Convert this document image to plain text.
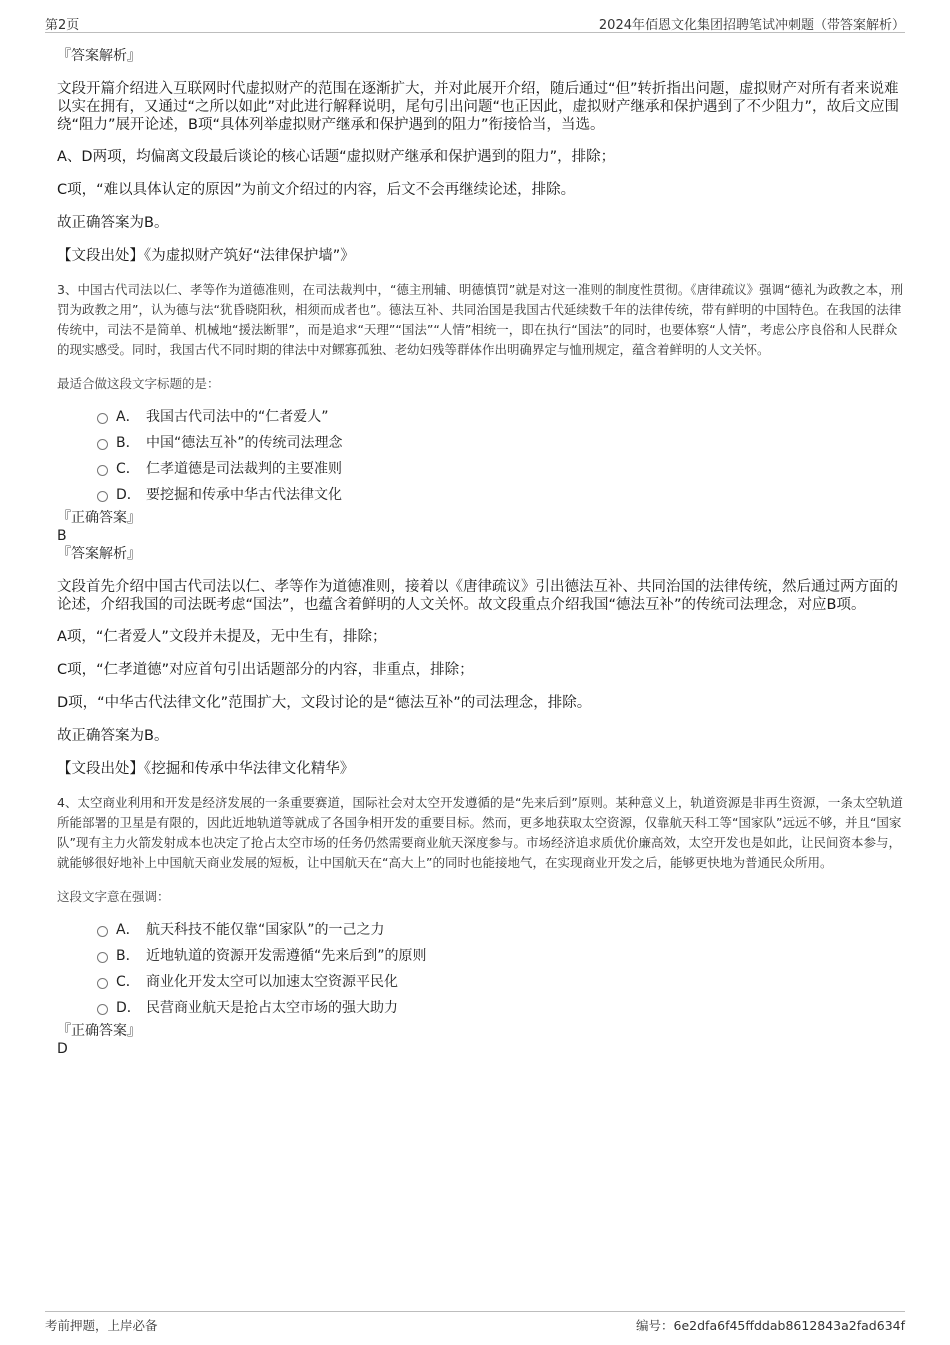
第2页	2024年佰恩文化集团招聘笔试冲刺题（带答案解析）

『答案解析』

文段开篇介绍进入互联网时代虚拟财产的范围在逐渐扩大，并对此展开介绍，随后通过“但”转折指出问题，虚拟财产对所有者来说难以实在拥有，又通过“之所以如此”对此进行解释说明，尾句引出问题“也正因此，虚拟财产继承和保护遇到了不少阻力”，故后文应围绕“阻力”展开论述，B项“具体列举虚拟财产继承和保护遇到的阻力”衔接恰当，当选。

A、D两项，均偏离文段最后谈论的核心话题“虚拟财产继承和保护遇到的阻力”，排除；

C项，“难以具体认定的原因”为前文介绍过的内容，后文不会再继续论述，排除。

故正确答案为B。

【文段出处】《为虚拟财产筑好“法律保护墙”》

3、中国古代司法以仁、孝等作为道德准则，在司法裁判中，“德主刑辅、明德慎罚”就是对这一准则的制度性贯彻。《唐律疏议》强调“德礼为政教之本，刑罚为政教之用”，认为德与法“犹昏晓阳秋，相须而成者也”。德法互补、共同治国是我国古代延续数千年的法律传统，带有鲜明的中国特色。在我国的法律传统中，司法不是简单、机械地“援法断罪”，而是追求“天理”“国法”“人情”相统一，即在执行“国法”的同时，也要体察“人情”，考虑公序良俗和人民群众的现实感受。同时，我国古代不同时期的律法中对鳏寡孤独、老幼妇残等群体作出明确界定与恤刑规定，蕴含着鲜明的人文关怀。

最适合做这段文字标题的是：

A． 我国古代司法中的“仁者爱人”
B． 中国“德法互补”的传统司法理念
C． 仁孝道德是司法裁判的主要准则
D． 要挖掘和传承中华古代法律文化

『正确答案』

B

『答案解析』

文段首先介绍中国古代司法以仁、孝等作为道德准则，接着以《唐律疏议》引出德法互补、共同治国的法律传统，然后通过两方面的论述，介绍我国的司法既考虑“国法”，也蕴含着鲜明的人文关怀。故文段重点介绍我国“德法互补”的传统司法理念，对应B项。

A项，“仁者爱人”文段并未提及，无中生有，排除；

C项，“仁孝道德”对应首句引出话题部分的内容，非重点，排除；

D项，“中华古代法律文化”范围扩大，文段讨论的是“德法互补”的司法理念，排除。

故正确答案为B。

【文段出处】《挖掘和传承中华法律文化精华》

4、太空商业利用和开发是经济发展的一条重要赛道，国际社会对太空开发遵循的是“先来后到”原则。某种意义上，轨道资源是非再生资源，一条太空轨道所能部署的卫星是有限的，因此近地轨道等就成了各国争相开发的重要目标。然而，更多地获取太空资源，仅靠航天科工等“国家队”远远不够，并且“国家队”现有主力火箭发射成本也决定了抢占太空市场的任务仍然需要商业航天深度参与。市场经济追求质优价廉高效，太空开发也是如此，让民间资本参与，就能够很好地补上中国航天商业发展的短板，让中国航天在“高大上”的同时也能接地气，在实现商业开发之后，能够更快地为普通民众所用。

这段文字意在强调：

A． 航天科技不能仅靠“国家队”的一己之力
B． 近地轨道的资源开发需遵循“先来后到”的原则
C． 商业化开发太空可以加速太空资源平民化
D． 民营商业航天是抢占太空市场的强大助力

『正确答案』

D

考前押题，上岸必备	编号：6e2dfa6f45ffddab8612843a2fad634f
